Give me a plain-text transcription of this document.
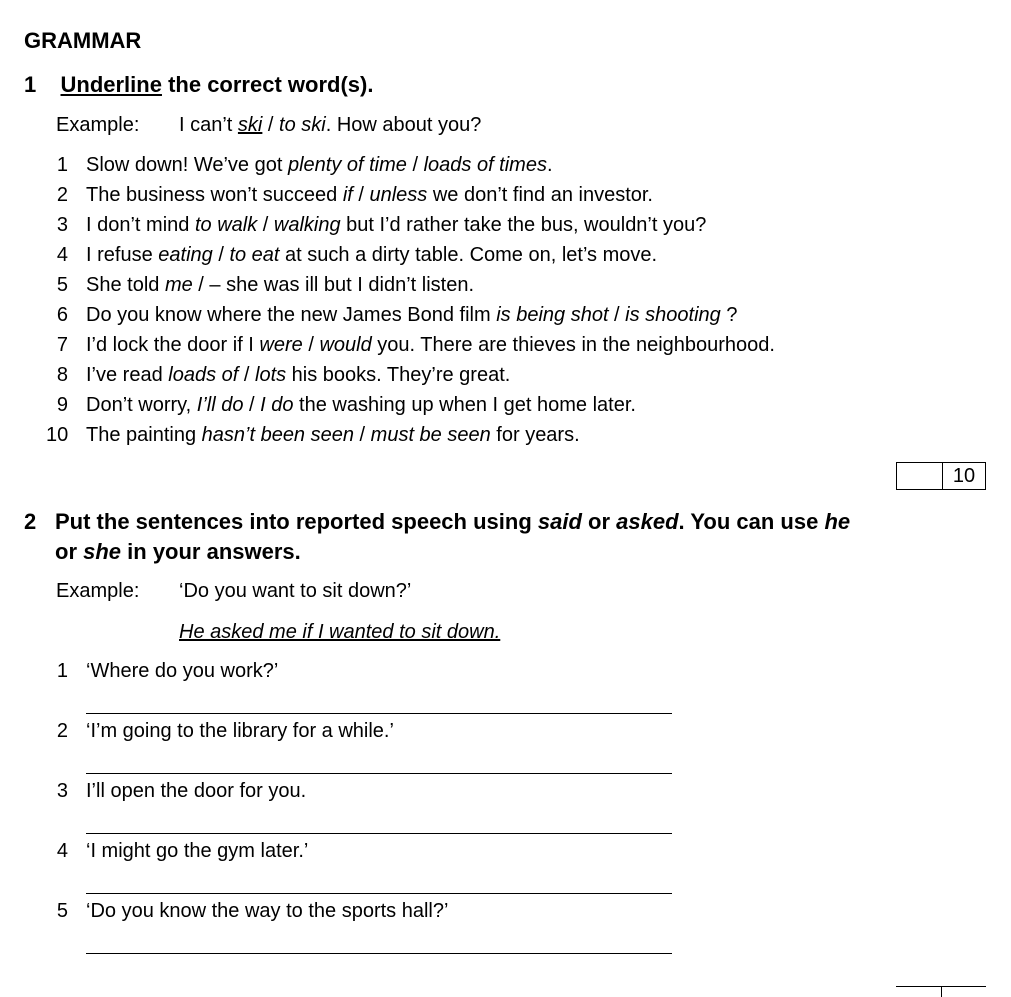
GRAMMAR
1 Underline the correct word(s).
Example: I can’t ski / to ski. How about you?
1 Slow down! We’ve got plenty of time / loads of times.
2 The business won’t succeed if / unless we don’t find an investor.
3 I don’t mind to walk / walking but I’d rather take the bus, wouldn’t you?
4 I refuse eating / to eat at such a dirty table. Come on, let’s move.
5 She told me / – she was ill but I didn’t listen.
6 Do you know where the new James Bond film is being shot / is shooting ?
7 I’d lock the door if I were / would you. There are thieves in the neighbourhood.
8 I’ve read loads of / lots his books. They’re great.
9 Don’t worry, I’ll do / I do the washing up when I get home later.
10 The painting hasn’t been seen / must be seen for years.
10
2 Put the sentences into reported speech using said or asked. You can use he
or she in your answers.
Example: ‘Do you want to sit down?’
He asked me if I wanted to sit down.
1 ‘Where do you work?’
2 ‘I’m going to the library for a while.’
3 I’ll open the door for you.
4 ‘I might go the gym later.’
5 ‘Do you know the way to the sports hall?’
